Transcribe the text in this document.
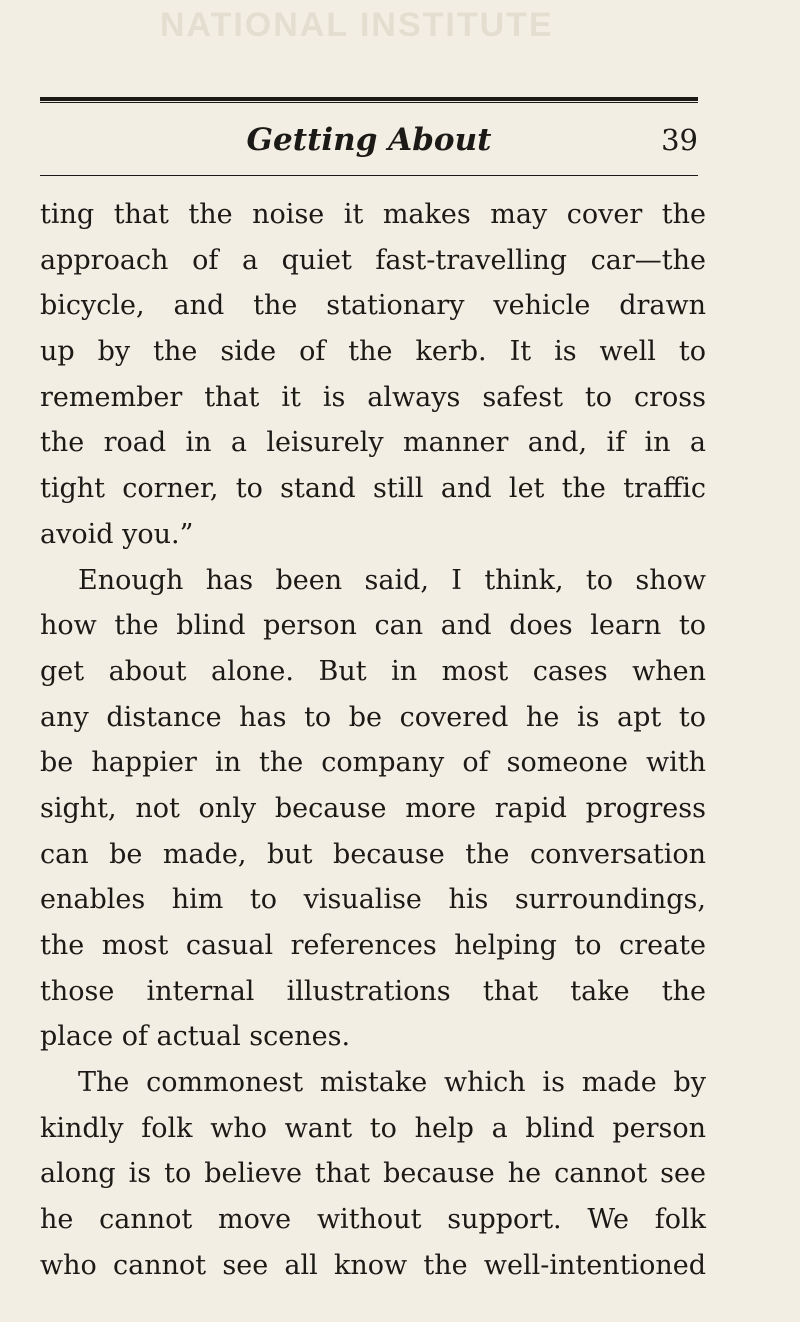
NATIONAL INSTITUTE
Getting About	39
ting that the noise it makes may cover the
approach of a quiet fast-travelling car—the
bicycle, and the stationary vehicle drawn
up by the side of the kerb. It is well to
remember that it is always safest to cross
the road in a leisurely manner and, if in a
tight corner, to stand still and let the traffic
avoid you.”
Enough has been said, I think, to show
how the blind person can and does learn to
get about alone. But in most cases when
any distance has to be covered he is apt to
be happier in the company of someone with
sight, not only because more rapid progress
can be made, but because the conversation
enables him to visualise his surroundings,
the most casual references helping to create
those internal illustrations that take the
place of actual scenes.
The commonest mistake which is made by
kindly folk who want to help a blind person
along is to believe that because he cannot see
he cannot move without support. We folk
who cannot see all know the well-intentioned
